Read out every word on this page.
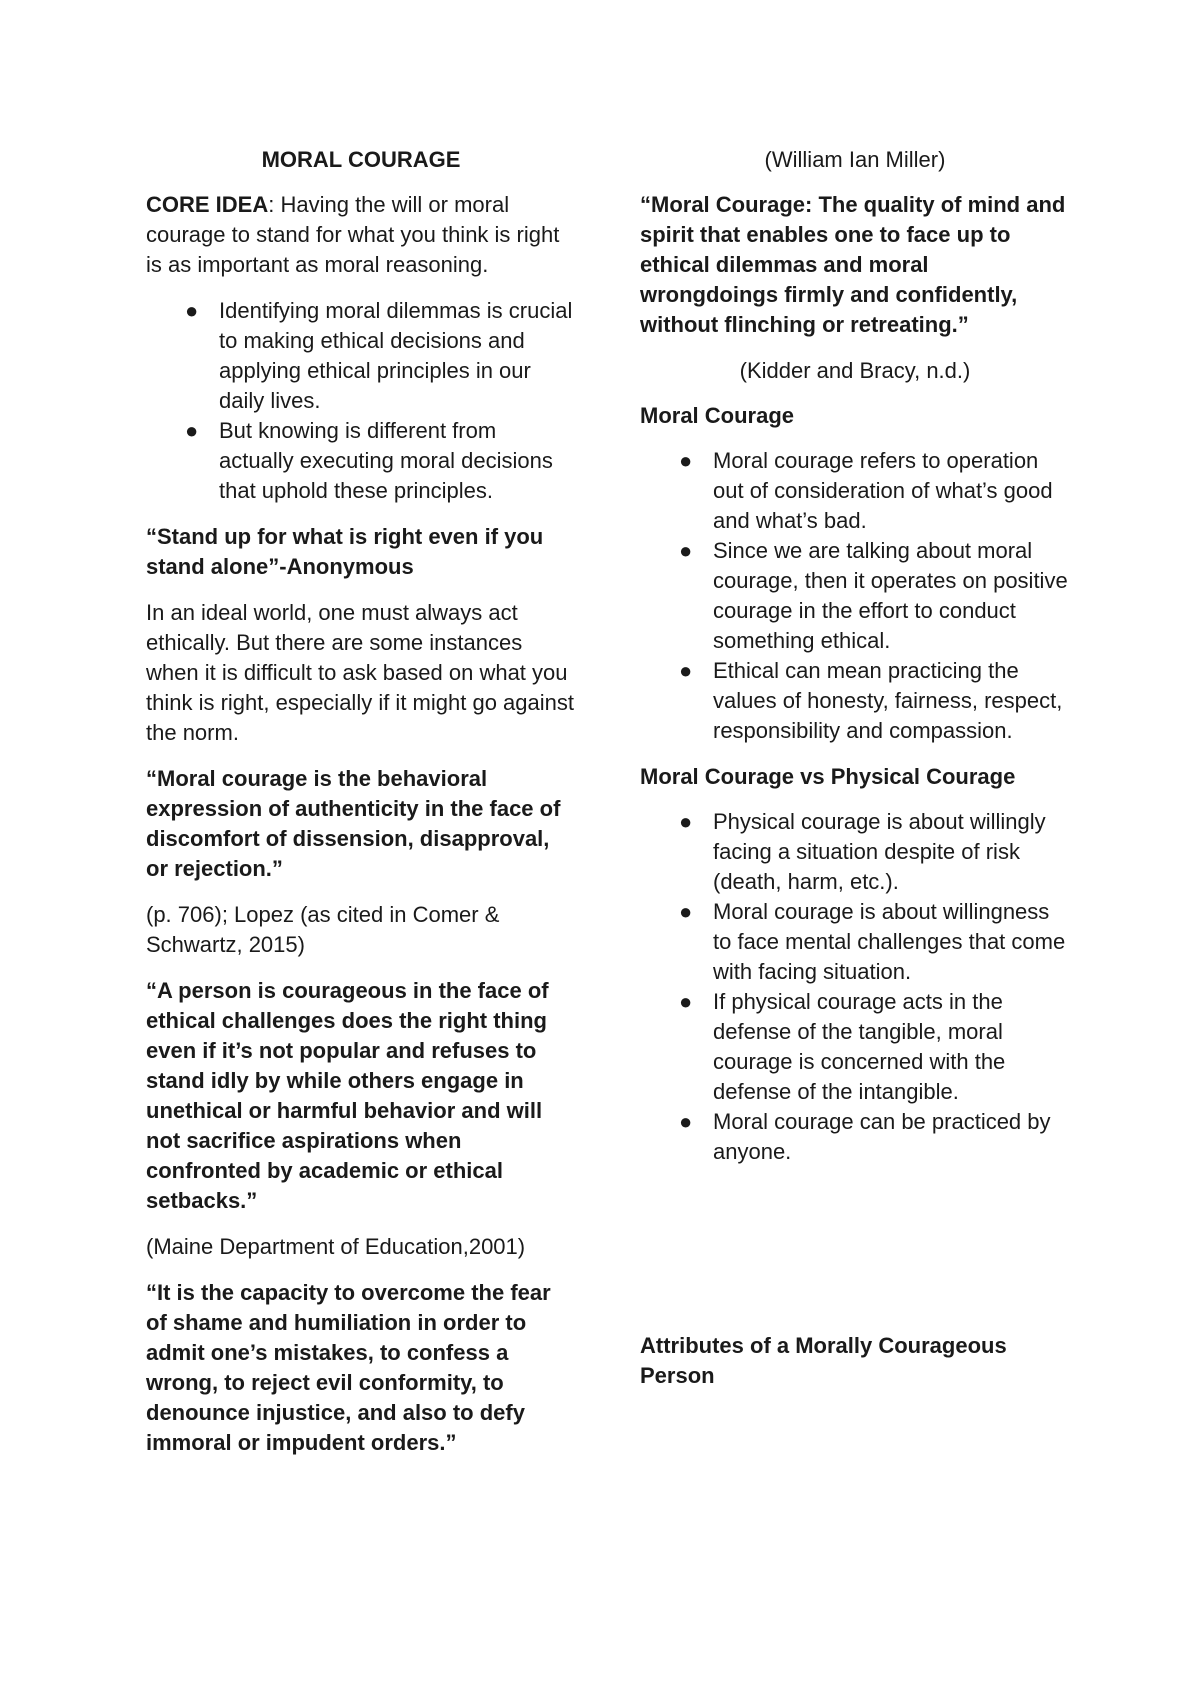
MORAL COURAGE

CORE IDEA: Having the will or moral courage to stand for what you think is right is as important as moral reasoning.

● Identifying moral dilemmas is crucial to making ethical decisions and applying ethical principles in our daily lives.
● But knowing is different from actually executing moral decisions that uphold these principles.

“Stand up for what is right even if you stand alone”-Anonymous

In an ideal world, one must always act ethically. But there are some instances when it is difficult to ask based on what you think is right, especially if it might go against the norm.

“Moral courage is the behavioral expression of authenticity in the face of discomfort of dissension, disapproval, or rejection.”

(p. 706); Lopez (as cited in Comer & Schwartz, 2015)

“A person is courageous in the face of ethical challenges does the right thing even if it’s not popular and refuses to stand idly by while others engage in unethical or harmful behavior and will not sacrifice aspirations when confronted by academic or ethical setbacks.”

(Maine Department of Education,2001)

“It is the capacity to overcome the fear of shame and humiliation in order to admit one’s mistakes, to confess a wrong, to reject evil conformity, to denounce injustice, and also to defy immoral or impudent orders.”

(William Ian Miller)

“Moral Courage: The quality of mind and spirit that enables one to face up to ethical dilemmas and moral wrongdoings firmly and confidently, without flinching or retreating.”

(Kidder and Bracy, n.d.)
Moral Courage
● Moral courage refers to operation out of consideration of what’s good and what’s bad.
● Since we are talking about moral courage, then it operates on positive courage in the effort to conduct something ethical.
● Ethical can mean practicing the values of honesty, fairness, respect, responsibility and compassion.
Moral Courage vs Physical Courage
● Physical courage is about willingly facing a situation despite of risk (death, harm, etc.).
● Moral courage is about willingness to face mental challenges that come with facing situation.
● If physical courage acts in the defense of the tangible, moral courage is concerned with the defense of the intangible.
● Moral courage can be practiced by anyone.
Attributes of a Morally Courageous Person
